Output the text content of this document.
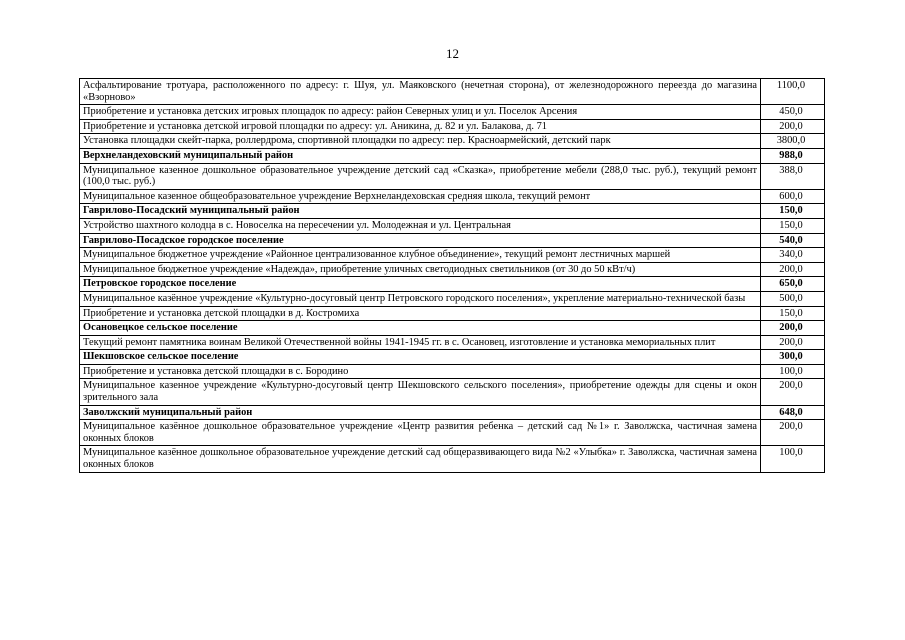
12
Асфальтирование тротуара, расположенного по адресу: г. Шуя, ул. Маяковского (нечетная сторона), от железнодорожного переезда до магазина «Взорново»	1100,0
Приобретение и установка детских игровых площадок по адресу: район Северных улиц и ул. Поселок Арсения	450,0
Приобретение и установка детской игровой площадки по адресу: ул. Аникина, д. 82 и ул. Балакова, д. 71	200,0
Установка площадки скейт-парка, роллердрома, спортивной площадки по адресу: пер. Красноармейский, детский парк	3800,0
Верхнеландеховский муниципальный район	988,0
Муниципальное казенное дошкольное образовательное учреждение детский сад «Сказка», приобретение мебели (288,0 тыс. руб.), текущий ремонт (100,0 тыс. руб.)	388,0
Муниципальное казенное общеобразовательное учреждение Верхнеландеховская средняя школа, текущий ремонт	600,0
Гаврилово-Посадский муниципальный район	150,0
Устройство шахтного колодца в с. Новоселка на пересечении ул. Молодежная и ул. Центральная	150,0
Гаврилово-Посадское городское поселение	540,0
Муниципальное бюджетное учреждение «Районное централизованное клубное объединение», текущий ремонт лестничных маршей	340,0
Муниципальное бюджетное учреждение «Надежда», приобретение уличных светодиодных светильников (от 30 до 50 кВт/ч)	200,0
Петровское городское поселение	650,0
Муниципальное казённое учреждение «Культурно-досуговый центр Петровского городского поселения», укрепление материально-технической базы	500,0
Приобретение и установка детской площадки в д. Костромиха	150,0
Осановецкое сельское поселение	200,0
Текущий ремонт памятника воинам Великой Отечественной войны 1941-1945 гг. в с. Осановец, изготовление и установка мемориальных плит	200,0
Шекшовское сельское поселение	300,0
Приобретение и установка детской площадки в с. Бородино	100,0
Муниципальное казенное учреждение «Культурно-досуговый центр Шекшовского сельского поселения», приобретение одежды для сцены и окон зрительного зала	200,0
Заволжский муниципальный район	648,0
Муниципальное казённое дошкольное образовательное учреждение «Центр развития ребенка – детский сад №1» г. Заволжска, частичная замена оконных блоков	200,0
Муниципальное казённое дошкольное образовательное учреждение детский сад общеразвивающего вида №2 «Улыбка» г. Заволжска, частичная замена оконных блоков	100,0
